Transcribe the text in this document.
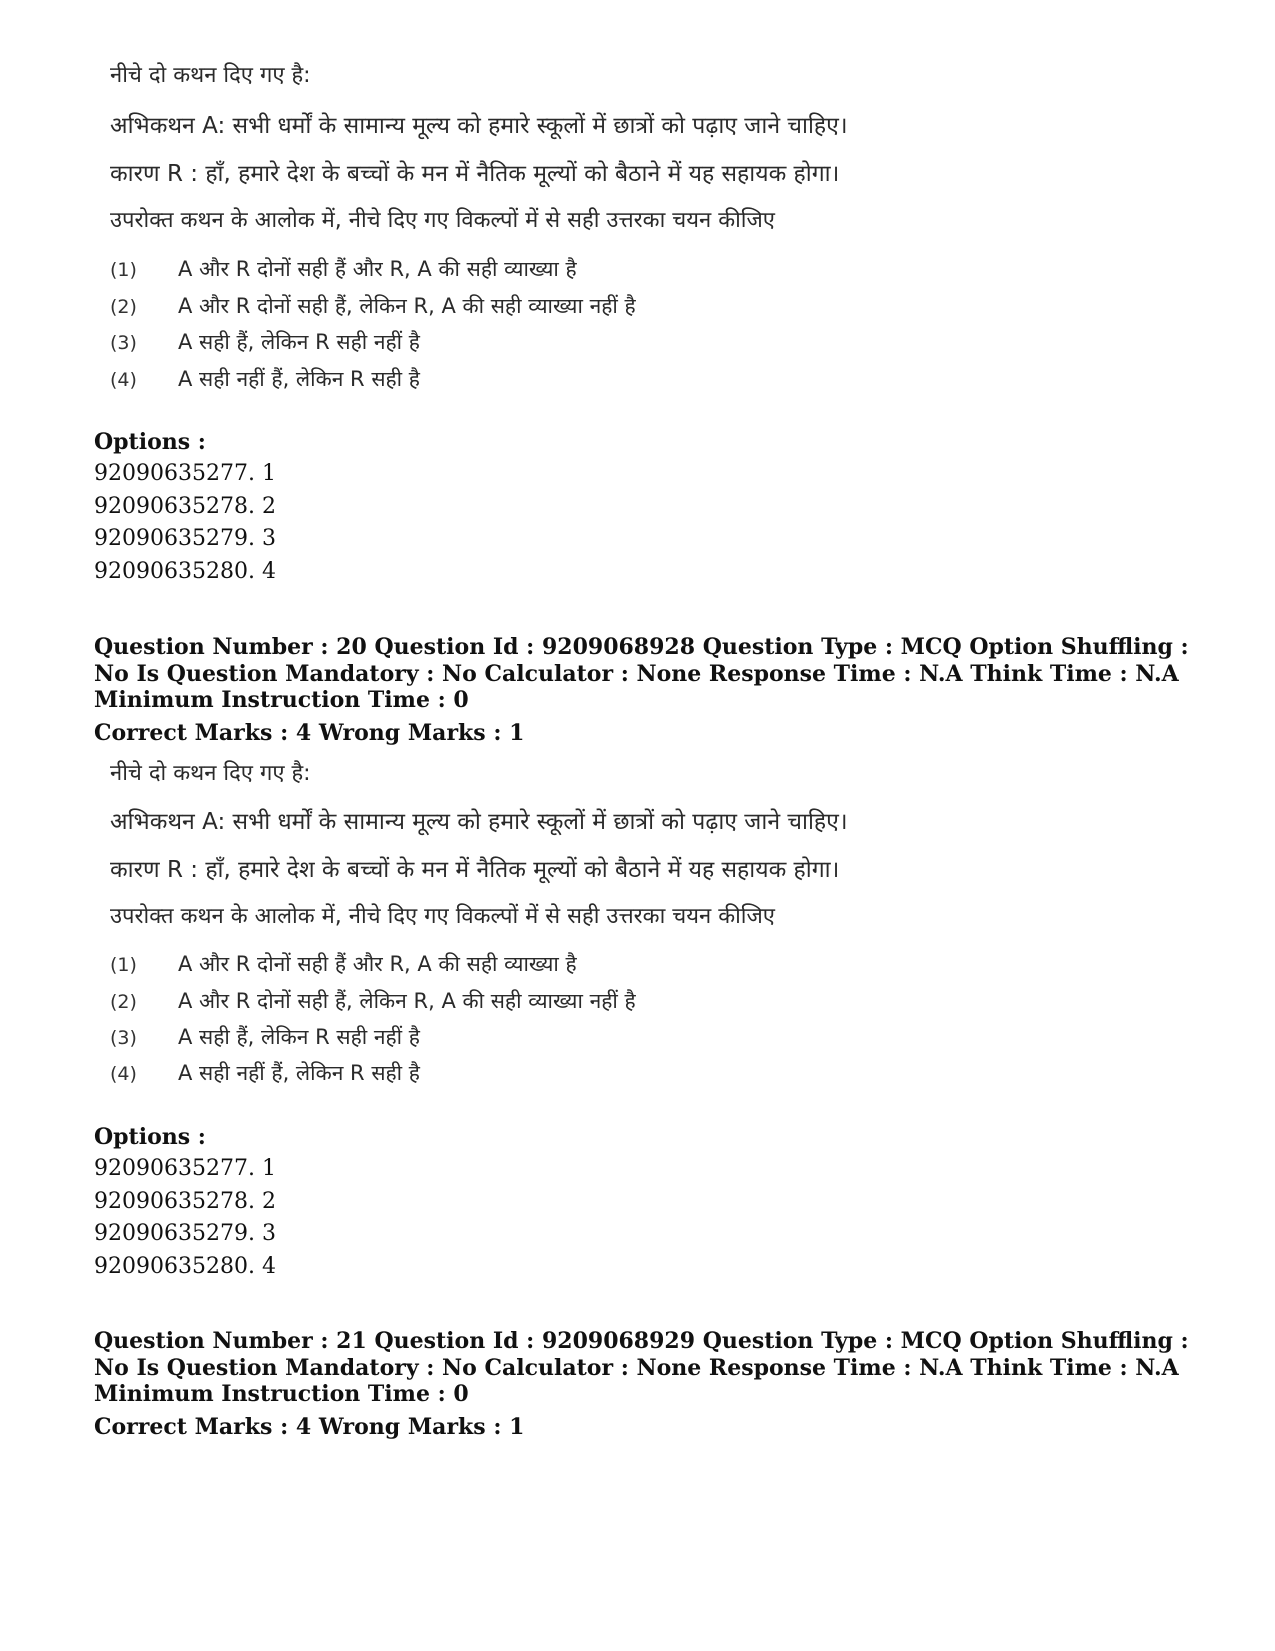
नीचे दो कथन दिए गए है:
अभिकथन A: सभी धर्मों के सामान्य मूल्य को हमारे स्कूलों में छात्रों को पढ़ाए जाने चाहिए।
कारण R : हाँ, हमारे देश के बच्चों के मन में नैतिक मूल्यों को बैठाने में यह सहायक होगा।
उपरोक्त कथन के आलोक में, नीचे दिए गए विकल्पों में से सही उत्तरका चयन कीजिए
(1) A और R दोनों सही हैं और R, A की सही व्याख्या है
(2) A और R दोनों सही हैं, लेकिन R, A की सही व्याख्या नहीं है
(3) A सही हैं, लेकिन R सही नहीं है
(4) A सही नहीं हैं, लेकिन R सही है
Options :
92090635277. 1
92090635278. 2
92090635279. 3
92090635280. 4
Question Number : 20 Question Id : 9209068928 Question Type : MCQ Option Shuffling : No Is Question Mandatory : No Calculator : None Response Time : N.A Think Time : N.A Minimum Instruction Time : 0
Correct Marks : 4 Wrong Marks : 1
नीचे दो कथन दिए गए है:
अभिकथन A: सभी धर्मों के सामान्य मूल्य को हमारे स्कूलों में छात्रों को पढ़ाए जाने चाहिए।
कारण R : हाँ, हमारे देश के बच्चों के मन में नैतिक मूल्यों को बैठाने में यह सहायक होगा।
उपरोक्त कथन के आलोक में, नीचे दिए गए विकल्पों में से सही उत्तरका चयन कीजिए
(1) A और R दोनों सही हैं और R, A की सही व्याख्या है
(2) A और R दोनों सही हैं, लेकिन R, A की सही व्याख्या नहीं है
(3) A सही हैं, लेकिन R सही नहीं है
(4) A सही नहीं हैं, लेकिन R सही है
Options :
92090635277. 1
92090635278. 2
92090635279. 3
92090635280. 4
Question Number : 21 Question Id : 9209068929 Question Type : MCQ Option Shuffling : No Is Question Mandatory : No Calculator : None Response Time : N.A Think Time : N.A Minimum Instruction Time : 0
Correct Marks : 4 Wrong Marks : 1
